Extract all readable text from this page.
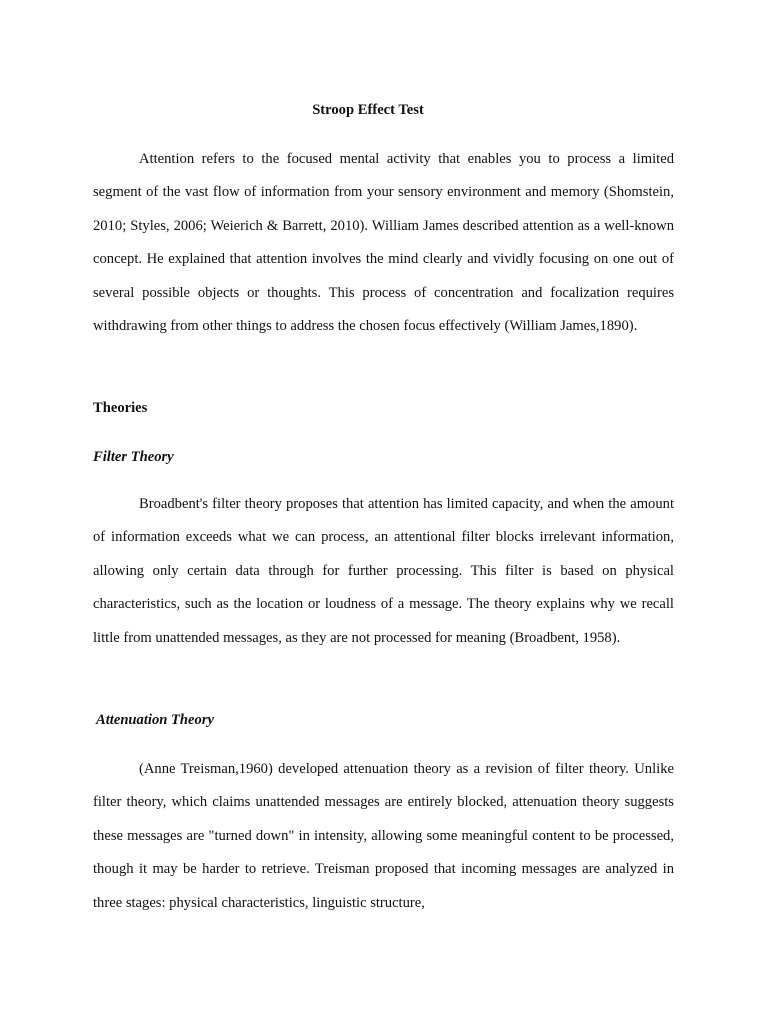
Stroop Effect Test

Attention refers to the focused mental activity that enables you to process a limited segment of the vast flow of information from your sensory environment and memory (Shomstein, 2010; Styles, 2006; Weierich & Barrett, 2010). William James described attention as a well-known concept. He explained that attention involves the mind clearly and vividly focusing on one out of several possible objects or thoughts. This process of concentration and focalization requires withdrawing from other things to address the chosen focus effectively (William James,1890).

Theories

Filter Theory

Broadbent's filter theory proposes that attention has limited capacity, and when the amount of information exceeds what we can process, an attentional filter blocks irrelevant information, allowing only certain data through for further processing. This filter is based on physical characteristics, such as the location or loudness of a message. The theory explains why we recall little from unattended messages, as they are not processed for meaning (Broadbent, 1958).

Attenuation Theory

(Anne Treisman,1960) developed attenuation theory as a revision of filter theory. Unlike filter theory, which claims unattended messages are entirely blocked, attenuation theory suggests these messages are "turned down" in intensity, allowing some meaningful content to be processed, though it may be harder to retrieve. Treisman proposed that incoming messages are analyzed in three stages: physical characteristics, linguistic structure,
